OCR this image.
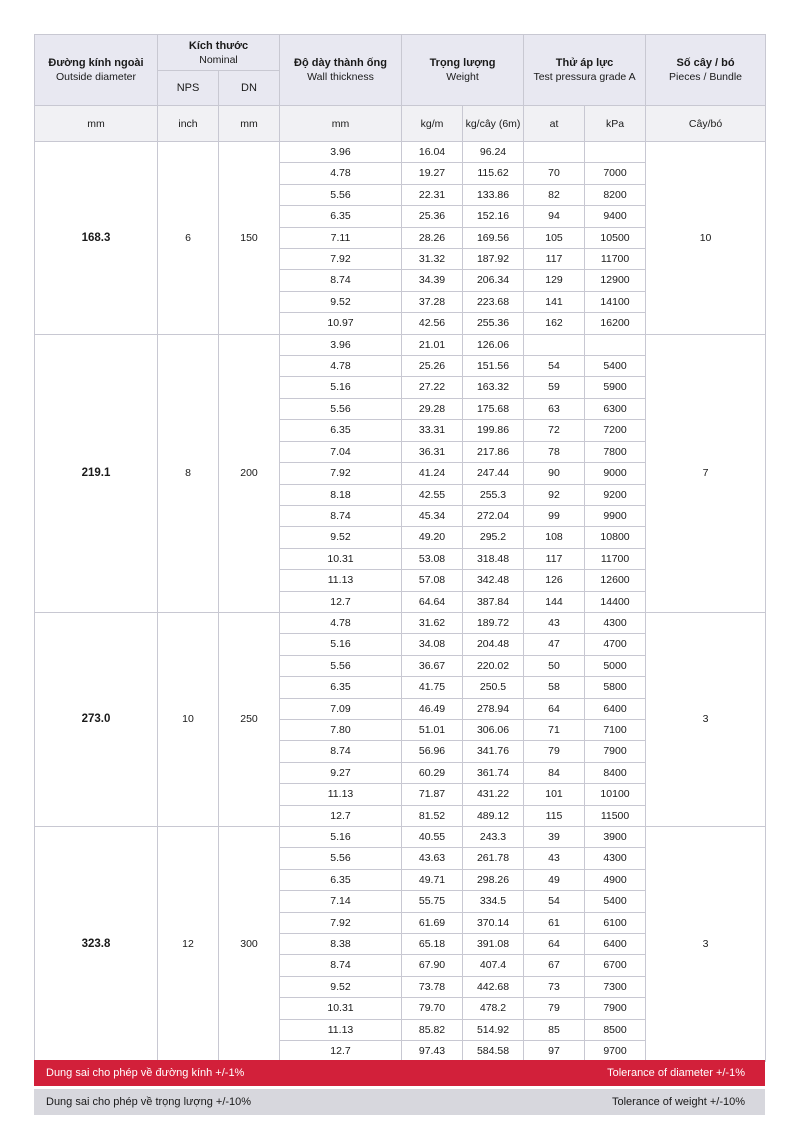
Đường kính ngoài
Outside diameter	Kích thước
Nominal		Độ dày thành ống
Wall thickness	Trọng lượng
Weight		Thử áp lực
Test pressura grade A		Số cây / bó
Pieces / Bundle

	NPS	DN						
mm	inch	mm	mm	kg/m	kg/cây (6m)	at	kPa	Cây/bó
168.3	6	150	3.96	16.04	96.24			10
			4.78	19.27	115.62	70	7000	
			5.56	22.31	133.86	82	8200	
			6.35	25.36	152.16	94	9400	
			7.11	28.26	169.56	105	10500	
			7.92	31.32	187.92	117	11700	
			8.74	34.39	206.34	129	12900	
			9.52	37.28	223.68	141	14100	
			10.97	42.56	255.36	162	16200	
219.1	8	200	3.96	21.01	126.06			7
			4.78	25.26	151.56	54	5400	
			5.16	27.22	163.32	59	5900	
			5.56	29.28	175.68	63	6300	
			6.35	33.31	199.86	72	7200	
			7.04	36.31	217.86	78	7800	
			7.92	41.24	247.44	90	9000	
			8.18	42.55	255.3	92	9200	
			8.74	45.34	272.04	99	9900	
			9.52	49.20	295.2	108	10800	
			10.31	53.08	318.48	117	11700	
			11.13	57.08	342.48	126	12600	
			12.7	64.64	387.84	144	14400	
273.0	10	250	4.78	31.62	189.72	43	4300	3
			5.16	34.08	204.48	47	4700	
			5.56	36.67	220.02	50	5000	
			6.35	41.75	250.5	58	5800	
			7.09	46.49	278.94	64	6400	
			7.80	51.01	306.06	71	7100	
			8.74	56.96	341.76	79	7900	
			9.27	60.29	361.74	84	8400	
			11.13	71.87	431.22	101	10100	
			12.7	81.52	489.12	115	11500	
323.8	12	300	5.16	40.55	243.3	39	3900	3
			5.56	43.63	261.78	43	4300	
			6.35	49.71	298.26	49	4900	
			7.14	55.75	334.5	54	5400	
			7.92	61.69	370.14	61	6100	
			8.38	65.18	391.08	64	6400	
			8.74	67.90	407.4	67	6700	
			9.52	73.78	442.68	73	7300	
			10.31	79.70	478.2	79	7900	
			11.13	85.82	514.92	85	8500	
			12.7	97.43	584.58	97	9700	
Dung sai cho phép về đường kính +/-1%	Tolerance of diameter +/-1%
Dung sai cho phép về trọng lượng +/-10%	Tolerance of weight +/-10%
